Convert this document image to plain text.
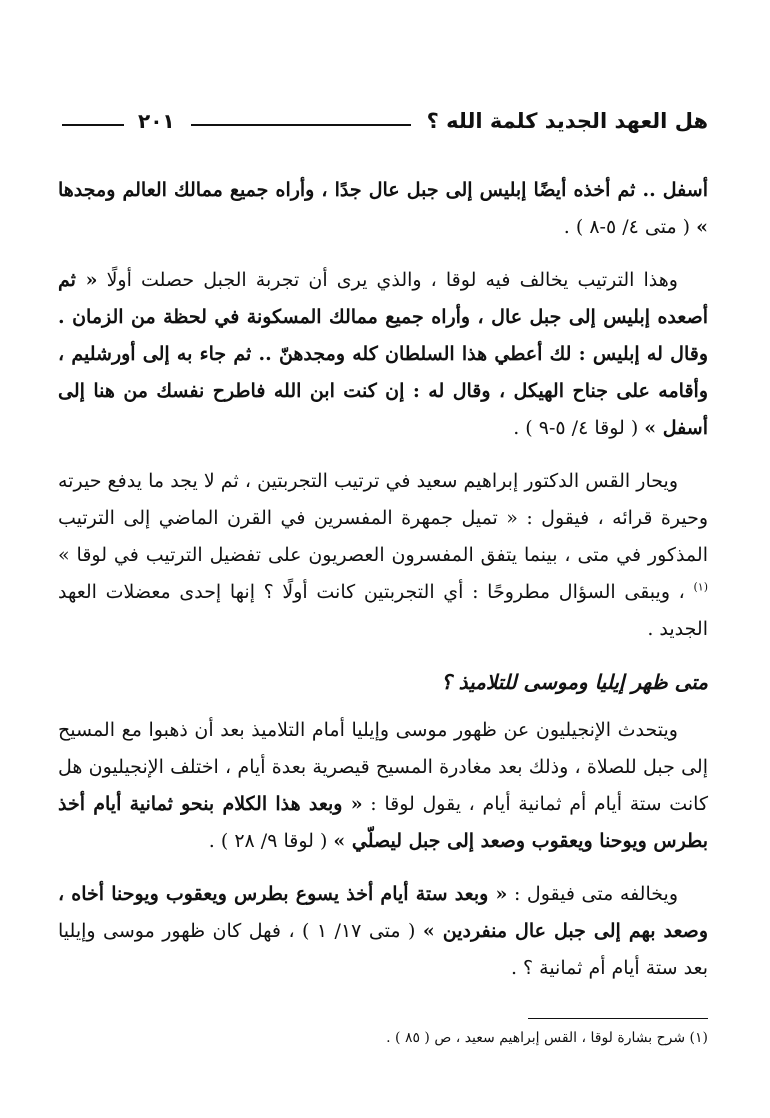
هل العهد الجديد كلمة الله ؟
٢٠١

أسفل .. ثم أخذه أيضًا إبليس إلى جبل عال جدًا ، وأراه جميع ممالك العالم ومجدها » ( متى ٤/ ٥-٨ ) .

وهذا الترتيب يخالف فيه لوقا ، والذي يرى أن تجربة الجبل حصلت أولًا « ثم أصعده إبليس إلى جبل عال ، وأراه جميع ممالك المسكونة في لحظة من الزمان . وقال له إبليس : لك أعطي هذا السلطان كله ومجدهنّ .. ثم جاء به إلى أورشليم ، وأقامه على جناح الهيكل ، وقال له : إن كنت ابن الله فاطرح نفسك من هنا إلى أسفل » ( لوقا ٤/ ٥-٩ ) .

ويحار القس الدكتور إبراهيم سعيد في ترتيب التجربتين ، ثم لا يجد ما يدفع حيرته وحيرة قرائه ، فيقول : « تميل جمهرة المفسرين في القرن الماضي إلى الترتيب المذكور في متى ، بينما يتفق المفسرون العصريون على تفضيل الترتيب في لوقا » $^{(١)}$ ، ويبقى السؤال مطروحًا : أي التجربتين كانت أولًا ؟ إنها إحدى معضلات العهد الجديد .

متى ظهر إيليا وموسى للتلاميذ ؟

ويتحدث الإنجيليون عن ظهور موسى وإيليا أمام التلاميذ بعد أن ذهبوا مع المسيح إلى جبل للصلاة ، وذلك بعد مغادرة المسيح قيصرية بعدة أيام ، اختلف الإنجيليون هل كانت ستة أيام أم ثمانية أيام ، يقول لوقا : « وبعد هذا الكلام بنحو ثمانية أيام أخذ بطرس ويوحنا ويعقوب وصعد إلى جبل ليصلّي » ( لوقا ٩/ ٢٨ ) .

ويخالفه متى فيقول : « وبعد ستة أيام أخذ يسوع بطرس ويعقوب ويوحنا أخاه ، وصعد بهم إلى جبل عال منفردين » ( متى ١٧/ ١ ) ، فهل كان ظهور موسى وإيليا بعد ستة أيام أم ثمانية ؟ .

(١) شرح بشارة لوقا ، القس إبراهيم سعيد ، ص ( ٨٥ ) .
